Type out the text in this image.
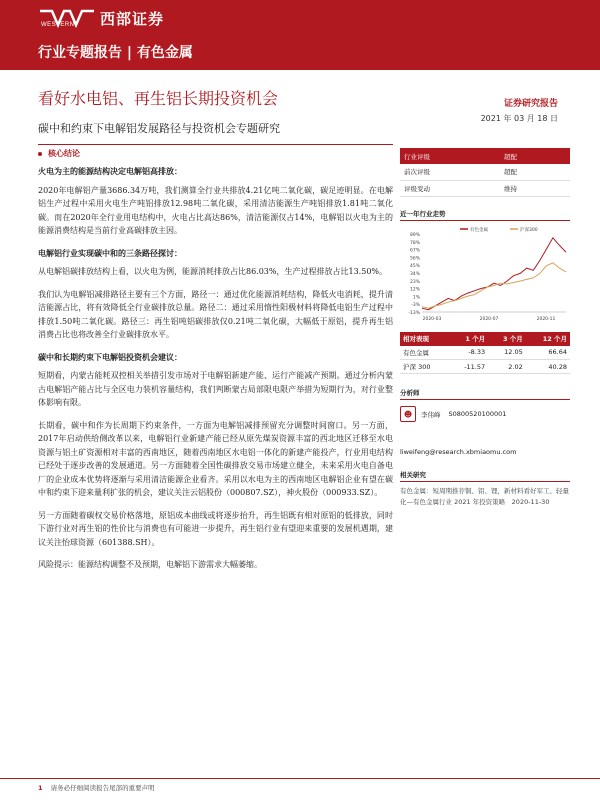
WESTERN 西部证券
行业专题报告 | 有色金属
看好水电铝、再生铝长期投资机会	证券研究报告
2021 年 03 月 18 日
碳中和约束下电解铝发展路径与投资机会专题研究
核心结论
火电为主的能源结构决定电解铝高排放：

2020年电解铝产量3686.34万吨，我们测算全行业共排放4.21亿吨二氧化碳，碳足迹明显。在电解铝生产过程中采用火电生产吨铝排放12.98吨二氧化碳，采用清洁能源生产吨铝排放1.81吨二氧化碳。而在2020年全行业用电结构中，火电占比高达86%，清洁能源仅占14%，电解铝以火电为主的能源消费结构是当前行业高碳排放主因。

电解铝行业实现碳中和的三条路径探讨：

从电解铝碳排放结构上看，以火电为例，能源消耗排放占比86.03%，生产过程排放占比13.50%。

我们认为电解铝减排路径主要有三个方面，路径一：通过优化能源消耗结构，降低火电消耗，提升清洁能源占比，将有效降低全行业碳排放总量。路径二：通过采用惰性阳极材料将降低电铝生产过程中排放1.50吨二氧化碳。路径三：再生铝吨铝碳排放仅0.21吨二氧化碳，大幅低于原铝，提升再生铝消费占比也将改善全行业碳排放水平。

碳中和长期约束下电解铝投资机会建议：

短期看，内蒙古能耗双控相关举措引发市场对于电解铝新建产能、运行产能减产预期。通过分析内蒙古电解铝产能占比与全区电力装机容量结构，我们判断蒙古局部限电限产举措为短期行为，对行业整体影响有限。

长期看，碳中和作为长周期下约束条件，一方面为电解铝减排预留充分调整时间窗口。另一方面，2017年启动供给侧改革以来，电解铝行业新建产能已经从原先煤炭资源丰富的西北地区迁移至水电资源与铝土矿资源相对丰富的西南地区，随着西南地区水电铝一体化的新建产能投产，行业用电结构已经处于逐步改善的发展通道。另一方面随着全国性碳排放交易市场建立健全，未来采用火电自备电厂的企业成本优势将逐渐与采用清洁能源企业看齐。采用以水电为主的西南地区电解铝企业有望在碳中和约束下迎来量利扩张的机会，建议关注云铝股份（000807.SZ），神火股份（000933.SZ）。

另一方面随着碳权交易价格落地，原铝成本曲线或将逐步抬升，再生铝既有相对原铝的低排放，同时下游行业对再生铝的性价比与消费也有可能进一步提升，再生铝行业有望迎来重要的发展机遇期，建议关注怡球资源（601388.SH）。

风险提示：能源结构调整不及预期，电解铝下游需求大幅萎缩。

行业评级	超配
前次评级	超配
评级变动	维持
近一年行业走势
89%
78%
67%
56%
45%
34%
23%
12%
1%
-3%
-13%
2020-03	2020-07	2020-11
有色金属	沪深300
相对表现	1 个月	3 个月	12 个月
有色金属	-8.33	12.05	66.64
沪深 300	-11.57	2.02	40.28
分析师
☻	李伟峰 S0800520100001
liweifeng@research.xbmiaomu.com
相关研究
有色金属：短周期推荐铜、铝、锂，新材料看好军工、轻量化—有色金属行业 2021 年投资策略　2020-11-30
1 请务必仔细阅读报告尾部的重要声明
